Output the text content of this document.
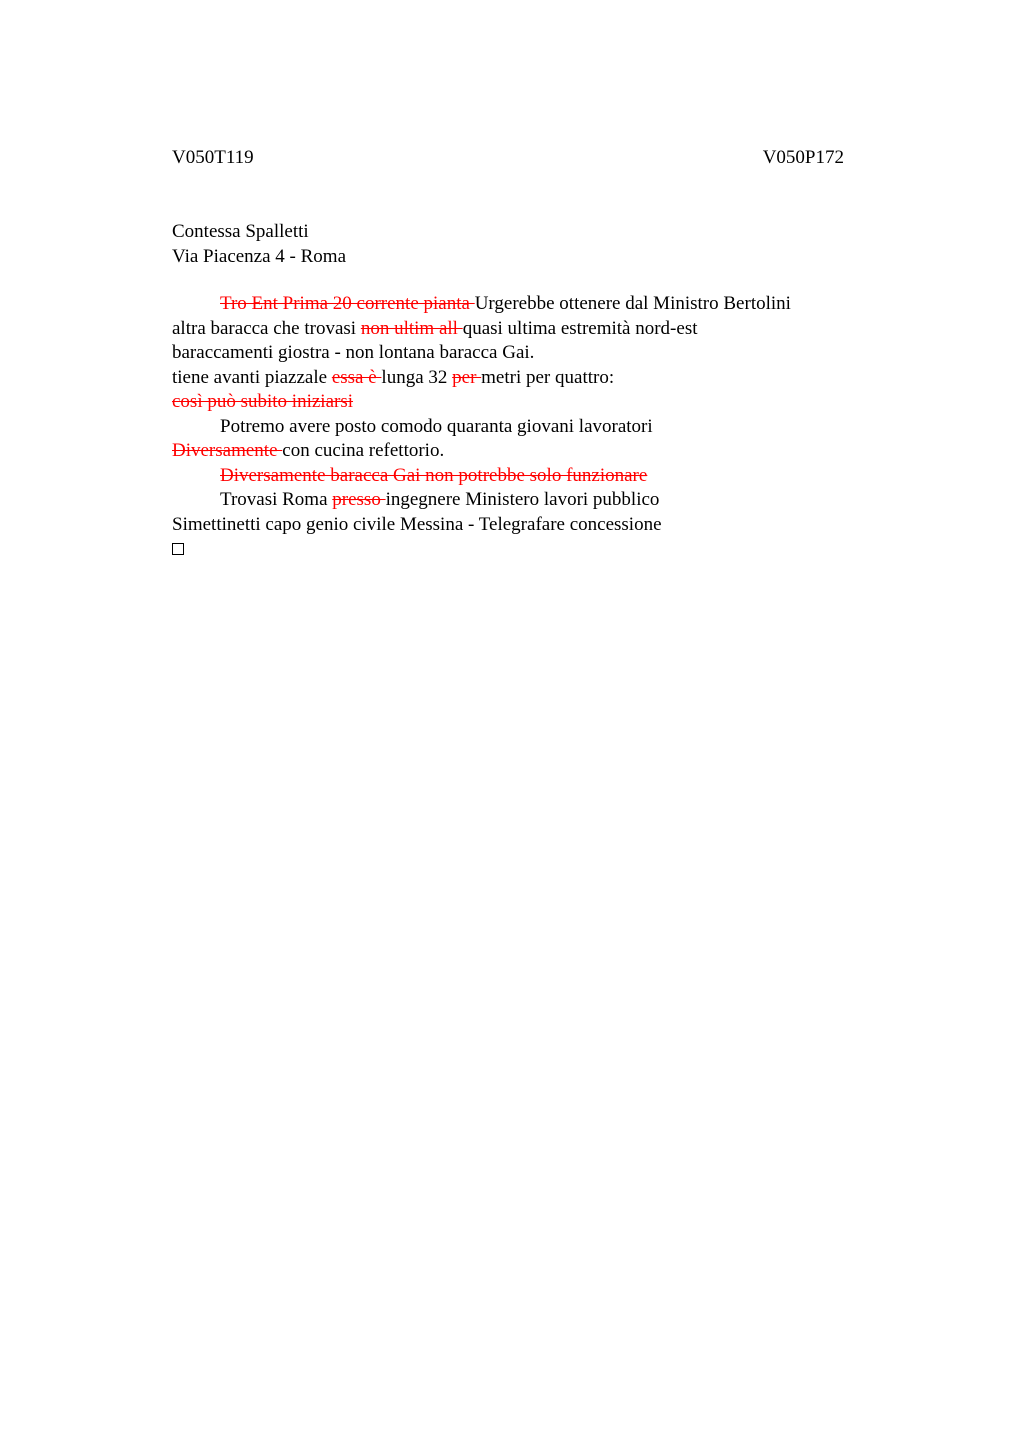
V050T119	V050P172
Contessa Spalletti
Via Piacenza 4 - Roma
Tro Ent Prima 20 corrente pianta Urgerebbe ottenere dal Ministro Bertolini
altra baracca che trovasi non ultim all quasi ultima estremità nord-est
baraccamenti giostra - non lontana baracca Gai.
tiene avanti piazzale essa è lunga 32 per metri per quattro:
così può subito iniziarsi
Potremo avere posto comodo quaranta giovani lavoratori
Diversamente con cucina refettorio.
Diversamente baracca Gai non potrebbe solo funzionare
Trovasi Roma presso ingegnere Ministero lavori pubblico
Simettinetti capo genio civile Messina - Telegrafare concessione
